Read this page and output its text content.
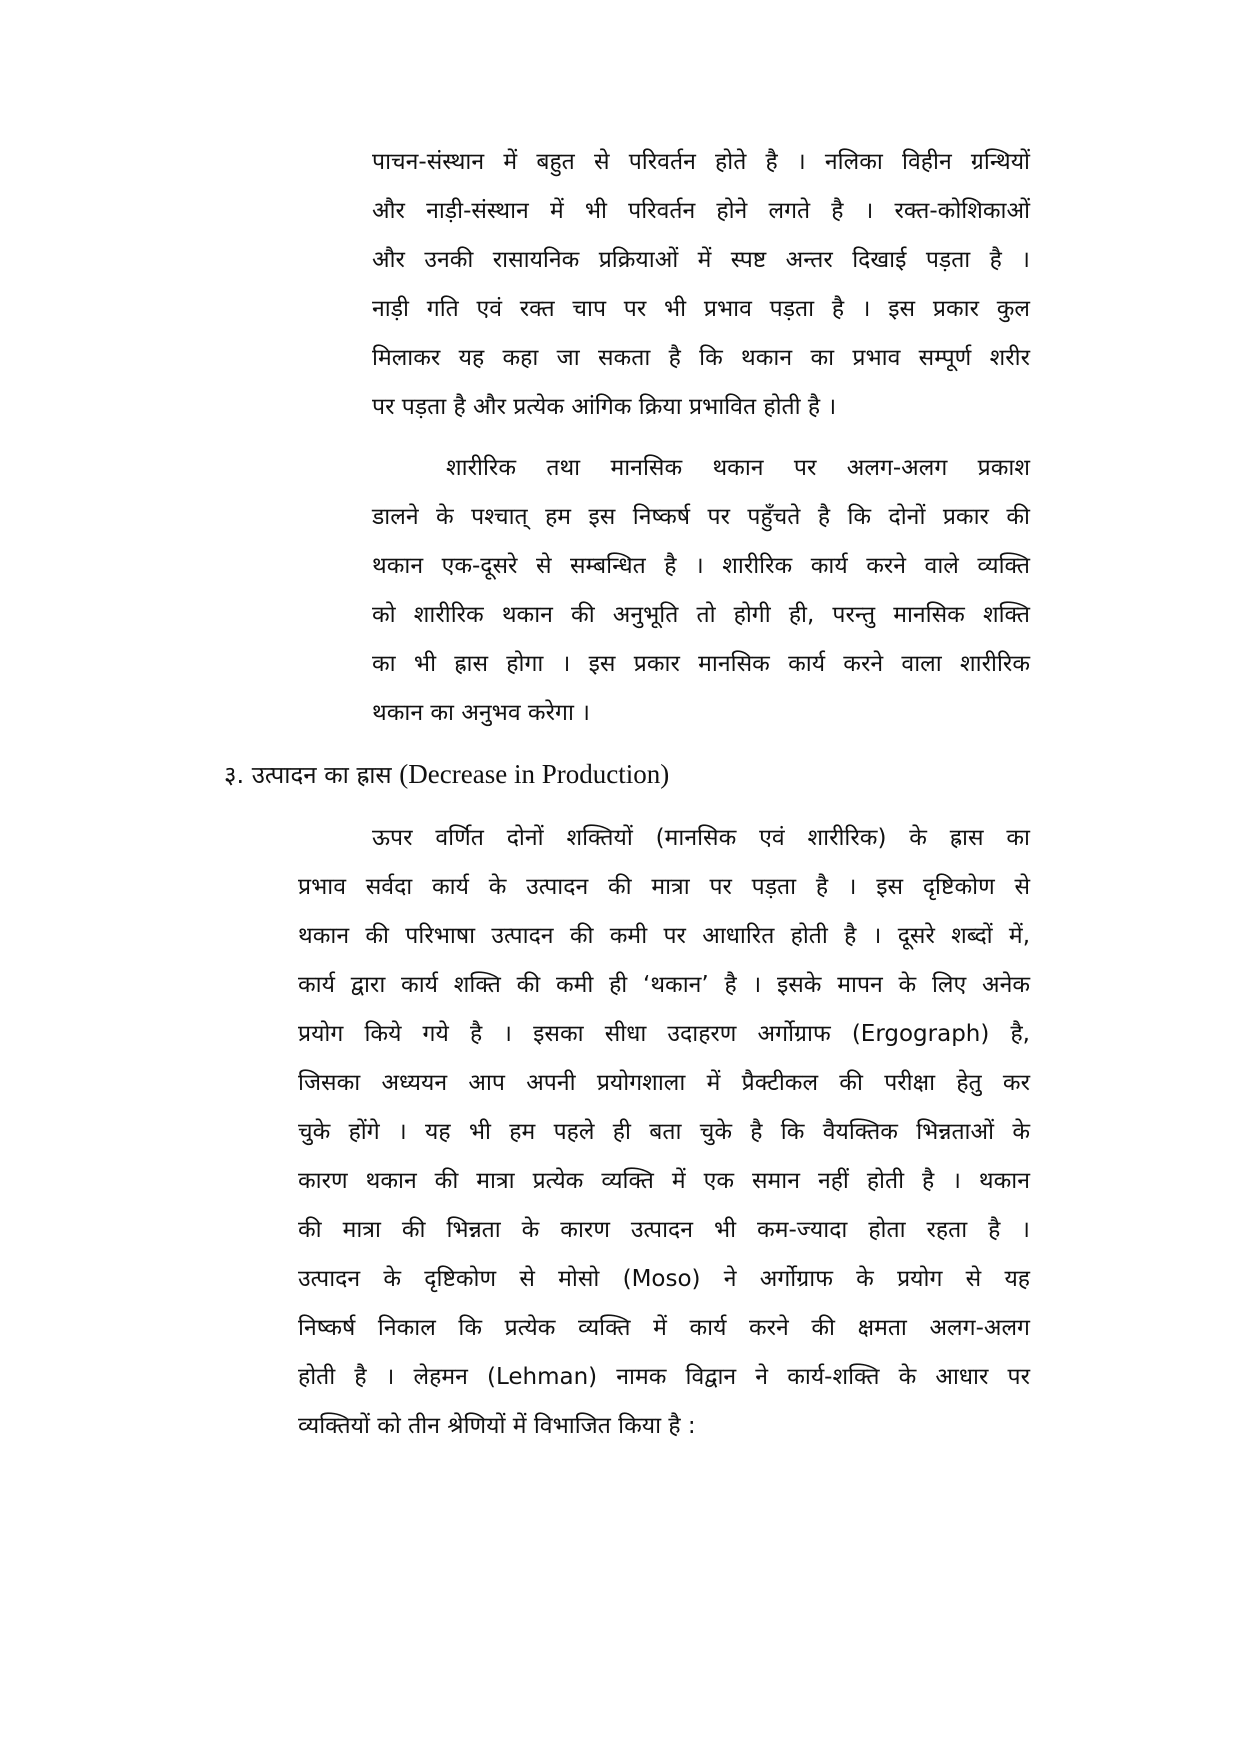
पाचन-संस्थान में बहुत से परिवर्तन होते है । नलिका विहीन ग्रन्थियों
और नाड़ी-संस्थान में भी परिवर्तन होने लगते है । रक्त-कोशिकाओं
और उनकी रासायनिक प्रक्रियाओं में स्पष्ट अन्तर दिखाई पड़ता है ।
नाड़ी गति एवं रक्त चाप पर भी प्रभाव पड़ता है । इस प्रकार कुल
मिलाकर यह कहा जा सकता है कि थकान का प्रभाव सम्पूर्ण शरीर
पर पड़ता है और प्रत्येक आंगिक क्रिया प्रभावित होती है ।
शारीरिक तथा मानसिक थकान पर अलग-अलग प्रकाश
डालने के पश्चात् हम इस निष्कर्ष पर पहुँचते है कि दोनों प्रकार की
थकान एक-दूसरे से सम्बन्धित है । शारीरिक कार्य करने वाले व्यक्ति
को शारीरिक थकान की अनुभूति तो होगी ही, परन्तु मानसिक शक्ति
का भी ह्रास होगा । इस प्रकार मानसिक कार्य करने वाला शारीरिक
थकान का अनुभव करेगा ।
३. उत्पादन का ह्रास (Decrease in Production)
ऊपर वर्णित दोनों शक्तियों (मानसिक एवं शारीरिक) के ह्रास का
प्रभाव सर्वदा कार्य के उत्पादन की मात्रा पर पड़ता है । इस दृष्टिकोण से
थकान की परिभाषा उत्पादन की कमी पर आधारित होती है । दूसरे शब्दों में,
कार्य द्वारा कार्य शक्ति की कमी ही ‘थकान’ है । इसके मापन के लिए अनेक
प्रयोग किये गये है । इसका सीधा उदाहरण अर्गोग्राफ (Ergograph) है,
जिसका अध्ययन आप अपनी प्रयोगशाला में प्रैक्टीकल की परीक्षा हेतु कर
चुके होंगे । यह भी हम पहले ही बता चुके है कि वैयक्तिक भिन्नताओं के
कारण थकान की मात्रा प्रत्येक व्यक्ति में एक समान नहीं होती है । थकान
की मात्रा की भिन्नता के कारण उत्पादन भी कम-ज्यादा होता रहता है ।
उत्पादन के दृष्टिकोण से मोसो (Moso) ने अर्गोग्राफ के प्रयोग से यह
निष्कर्ष निकाल कि प्रत्येक व्यक्ति में कार्य करने की क्षमता अलग-अलग
होती है । लेहमन (Lehman) नामक विद्वान ने कार्य-शक्ति के आधार पर
व्यक्तियों को तीन श्रेणियों में विभाजित किया है :
